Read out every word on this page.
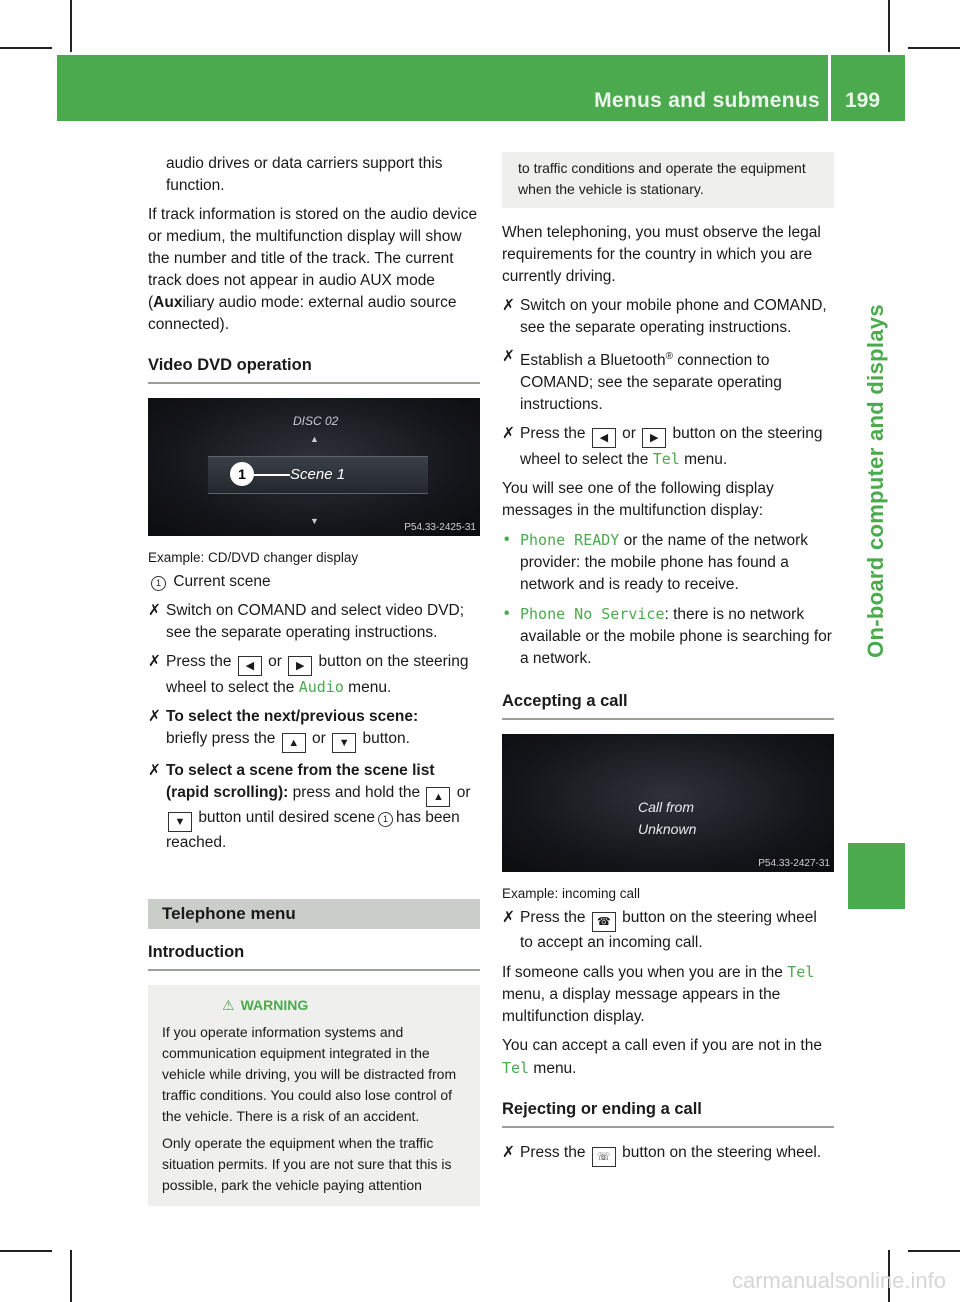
Menus and submenus 199
On-board computer and displays

audio drives or data carriers support this function.

If track information is stored on the audio device or medium, the multifunction display will show the number and title of the track. The current track does not appear in audio AUX mode (Auxiliary audio mode: external audio source connected).

Video DVD operation
DISC 02
▲
1	Scene 1
▼
P54.33-2425-31

Example: CD/DVD changer display

1 Current scene

✗ Switch on COMAND and select video DVD; see the separate operating instructions.
✗ Press the ◀ or ▶ button on the steering wheel to select the Audio menu.
✗ To select the next/previous scene:
briefly press the ▲ or ▼ button.
✗ To select a scene from the scene list (rapid scrolling): press and hold the ▲ or ▼ button until desired scene 1 has been reached.
Telephone menu
Introduction
⚠ WARNING

If you operate information systems and communication equipment integrated in the vehicle while driving, you will be distracted from traffic conditions. You could also lose control of the vehicle. There is a risk of an accident.

Only operate the equipment when the traffic situation permits. If you are not sure that this is possible, park the vehicle paying attention

to traffic conditions and operate the equipment when the vehicle is stationary.

When telephoning, you must observe the legal requirements for the country in which you are currently driving.

✗ Switch on your mobile phone and COMAND, see the separate operating instructions.
✗ Establish a Bluetooth® connection to COMAND; see the separate operating instructions.
✗ Press the ◀ or ▶ button on the steering wheel to select the Tel menu.

You will see one of the following display messages in the multifunction display:

• Phone READY or the name of the network provider: the mobile phone has found a network and is ready to receive.
• Phone No Service: there is no network available or the mobile phone is searching for a network.
Accepting a call
Call from
Unknown
P54.33-2427-31

Example: incoming call

✗ Press the ☎ button on the steering wheel to accept an incoming call.

If someone calls you when you are in the Tel menu, a display message appears in the multifunction display.

You can accept a call even if you are not in the Tel menu.

Rejecting or ending a call
✗ Press the ☏ button on the steering wheel.
carmanualsonline.info
